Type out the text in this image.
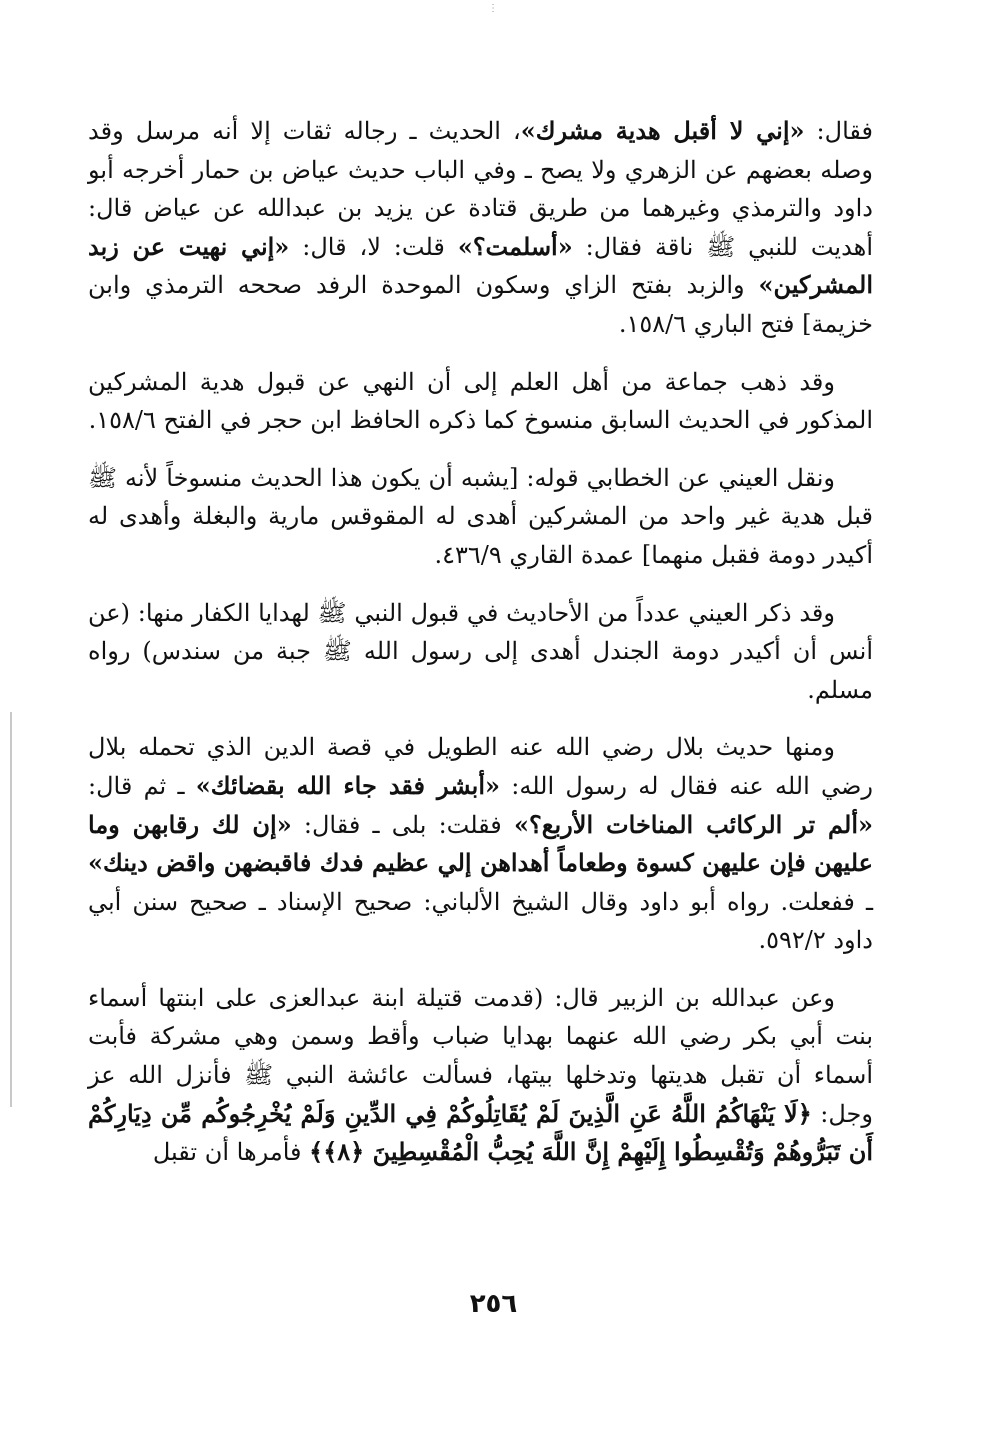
⋮

فقال: «إني لا أقبل هدية مشرك»، الحديث ـ رجاله ثقات إلا أنه مرسل وقد وصله بعضهم عن الزهري ولا يصح ـ وفي الباب حديث عياض بن حمار أخرجه أبو داود والترمذي وغيرهما من طريق قتادة عن يزيد بن عبدالله عن عياض قال: أهديت للنبي ﷺ ناقة فقال: «أسلمت؟» قلت: لا، قال: «إني نهيت عن زبد المشركين» والزبد بفتح الزاي وسكون الموحدة الرفد صححه الترمذي وابن خزيمة] فتح الباري ١٥٨/٦.

وقد ذهب جماعة من أهل العلم إلى أن النهي عن قبول هدية المشركين المذكور في الحديث السابق منسوخ كما ذكره الحافظ ابن حجر في الفتح ١٥٨/٦.

ونقل العيني عن الخطابي قوله: [يشبه أن يكون هذا الحديث منسوخاً لأنه ﷺ قبل هدية غير واحد من المشركين أهدى له المقوقس مارية والبغلة وأهدى له أكيدر دومة فقبل منهما] عمدة القاري ٤٣٦/٩.

وقد ذكر العيني عدداً من الأحاديث في قبول النبي ﷺ لهدايا الكفار منها: (عن أنس أن أكيدر دومة الجندل أهدى إلى رسول الله ﷺ جبة من سندس) رواه مسلم.

ومنها حديث بلال رضي الله عنه الطويل في قصة الدين الذي تحمله بلال رضي الله عنه فقال له رسول الله: «أبشر فقد جاء الله بقضائك» ـ ثم قال: «ألم تر الركائب المناخات الأربع؟» فقلت: بلى ـ فقال: «إن لك رقابهن وما عليهن فإن عليهن كسوة وطعاماً أهداهن إلي عظيم فدك فاقبضهن واقض دينك» ـ ففعلت. رواه أبو داود وقال الشيخ الألباني: صحيح الإسناد ـ صحيح سنن أبي داود ٥٩٢/٢.

وعن عبدالله بن الزبير قال: (قدمت قتيلة ابنة عبدالعزى على ابنتها أسماء بنت أبي بكر رضي الله عنهما بهدايا ضباب وأقط وسمن وهي مشركة فأبت أسماء أن تقبل هديتها وتدخلها بيتها، فسألت عائشة النبي ﷺ فأنزل الله عز وجل: ﴿لَا يَنْهَاكُمُ اللَّهُ عَنِ الَّذِينَ لَمْ يُقَاتِلُوكُمْ فِي الدِّينِ وَلَمْ يُخْرِجُوكُم مِّن دِيَارِكُمْ أَن تَبَرُّوهُمْ وَتُقْسِطُوا إِلَيْهِمْ إِنَّ اللَّهَ يُحِبُّ الْمُقْسِطِينَ ﴿٨﴾﴾ فأمرها أن تقبل

٢٥٦
